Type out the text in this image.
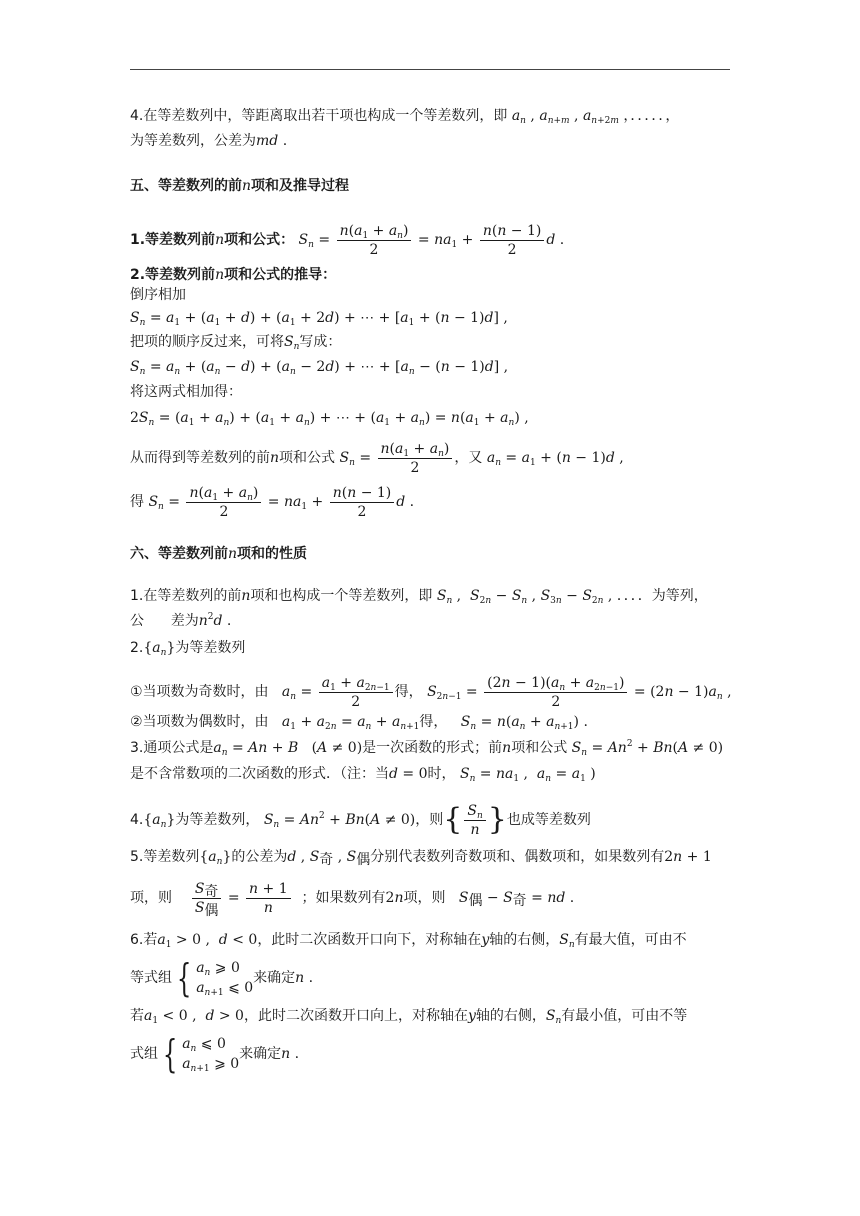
4.在等差数列中，等距离取出若干项也构成一个等差数列，即 $a_n$ , $a_{n+m}$ , $a_{n+2m}$ ，．．．．．，
为等差数列，公差为md .
五、等差数列的前n项和及推导过程
1.等差数列前n项和公式： $S_n = \frac{n(a_1 + a_n)}{2} = na_1 + \frac{n(n - 1)}{2}$ d .
2.等差数列前n项和公式的推导：
倒序相加
$S_n = a_1 + (a_1 + d) + (a_1 + 2d)$ + ⋯ + $[a_1 + (n - 1)d]$ ,
把项的顺序反过来，可将$S_n$写成：
$S_n = a_n + (a_n - d) + (a_n - 2d)$ + ⋯ + $[a_n - (n - 1)d]$ ,
将这两式相加得：
$2S_n = (a_1 + a_n) + (a_1 + a_n)$ + ⋯ + $(a_1 + a_n) = n(a_1 + a_n)$ ,
从而得到等差数列的前n项和公式 $S_n = \frac{n(a_1 + a_n)}{2}$ ，又 $a_n = a_1 + (n - 1)d$ ,
得 $S_n = \frac{n(a_1 + a_n)}{2} = na_1 + \frac{n(n - 1)}{2}$ d .
六、等差数列前n项和的性质
1.在等差数列的前n项和也构成一个等差数列，即 $S_n$ ,  $S_{2n} - S_n$ , $S_{3n} - S_{2n}$ , ．．．．为等列，
公 差为$n^2d$ .
$2.\{a_n\}$为等差数列
①当项数为奇数时，由 $a_n = \frac{a_1 + a_{2n-1}}{2}$ 得， $S_{2n-1} = \frac{(2n - 1)(a_n + a_{2n-1})}{2} = (2n - 1)a_n$ ,
②当项数为偶数时，由 $a_1 + a_{2n} = a_n + a_{n+1}$得， $S_n = n(a_n + a_{n+1})$ .
3.通项公式是$a_n = An + B$   (A ≠ 0)是一次函数的形式；前n项和公式 $S_n = An^2 + Bn(A \ne 0)$
是不含常数项的二次函数的形式．（注：当d = 0时， $S_n = na_1$ ,  $a_n = a_1$ )
$4.\{a_n\}$为等差数列， $S_n = An^2 + Bn(A \ne 0)$，则{ $\frac{S_n}{n}$ }也成等差数列
5.等差数列$\{a_n\}$的公差为d , $S_奇$ , $S_偶$分别代表数列奇数项和、偶数项和，如果数列有2n + 1
项，则
$S_奇$
$S_偶$
= $\frac{n + 1}{n}$ ；如果数列有2n项，则 $S_偶 - S_奇$ = nd .
6.若$a_1 > 0$ ,  d < 0，此时二次函数开口向下，对称轴在y轴的右侧，$S_n$有最大值，可由不
等式组 { $a_n$ ⩾ 0
$a_{n+1}$ ⩽ 0
来确定n .
若$a_1 < 0$ ,  d > 0，此时二次函数开口向上，对称轴在y轴的右侧，$S_n$有最小值，可由不等
式组 { $a_n$ ⩽ 0
$a_{n+1}$ ⩾ 0
来确定n .
